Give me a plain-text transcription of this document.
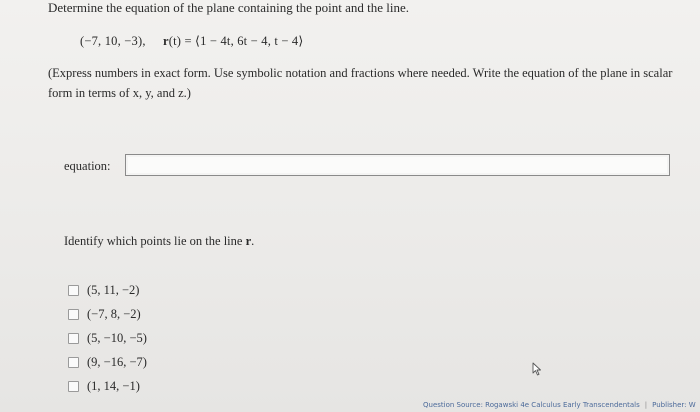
Determine the equation of the plane containing the point and the line.
(−7, 10, −3), r(t) = ⟨1 − 4t, 6t − 4, t − 4⟩
(Express numbers in exact form. Use symbolic notation and fractions where needed. Write the equation of the plane in scalar form in terms of x, y, and z.)
equation:
Identify which points lie on the line r.
(5, 11, −2)
(−7, 8, −2)
(5, −10, −5)
(9, −16, −7)
(1, 14, −1)
Question Source: Rogawski 4e Calculus Early Transcendentals | Publisher: W
